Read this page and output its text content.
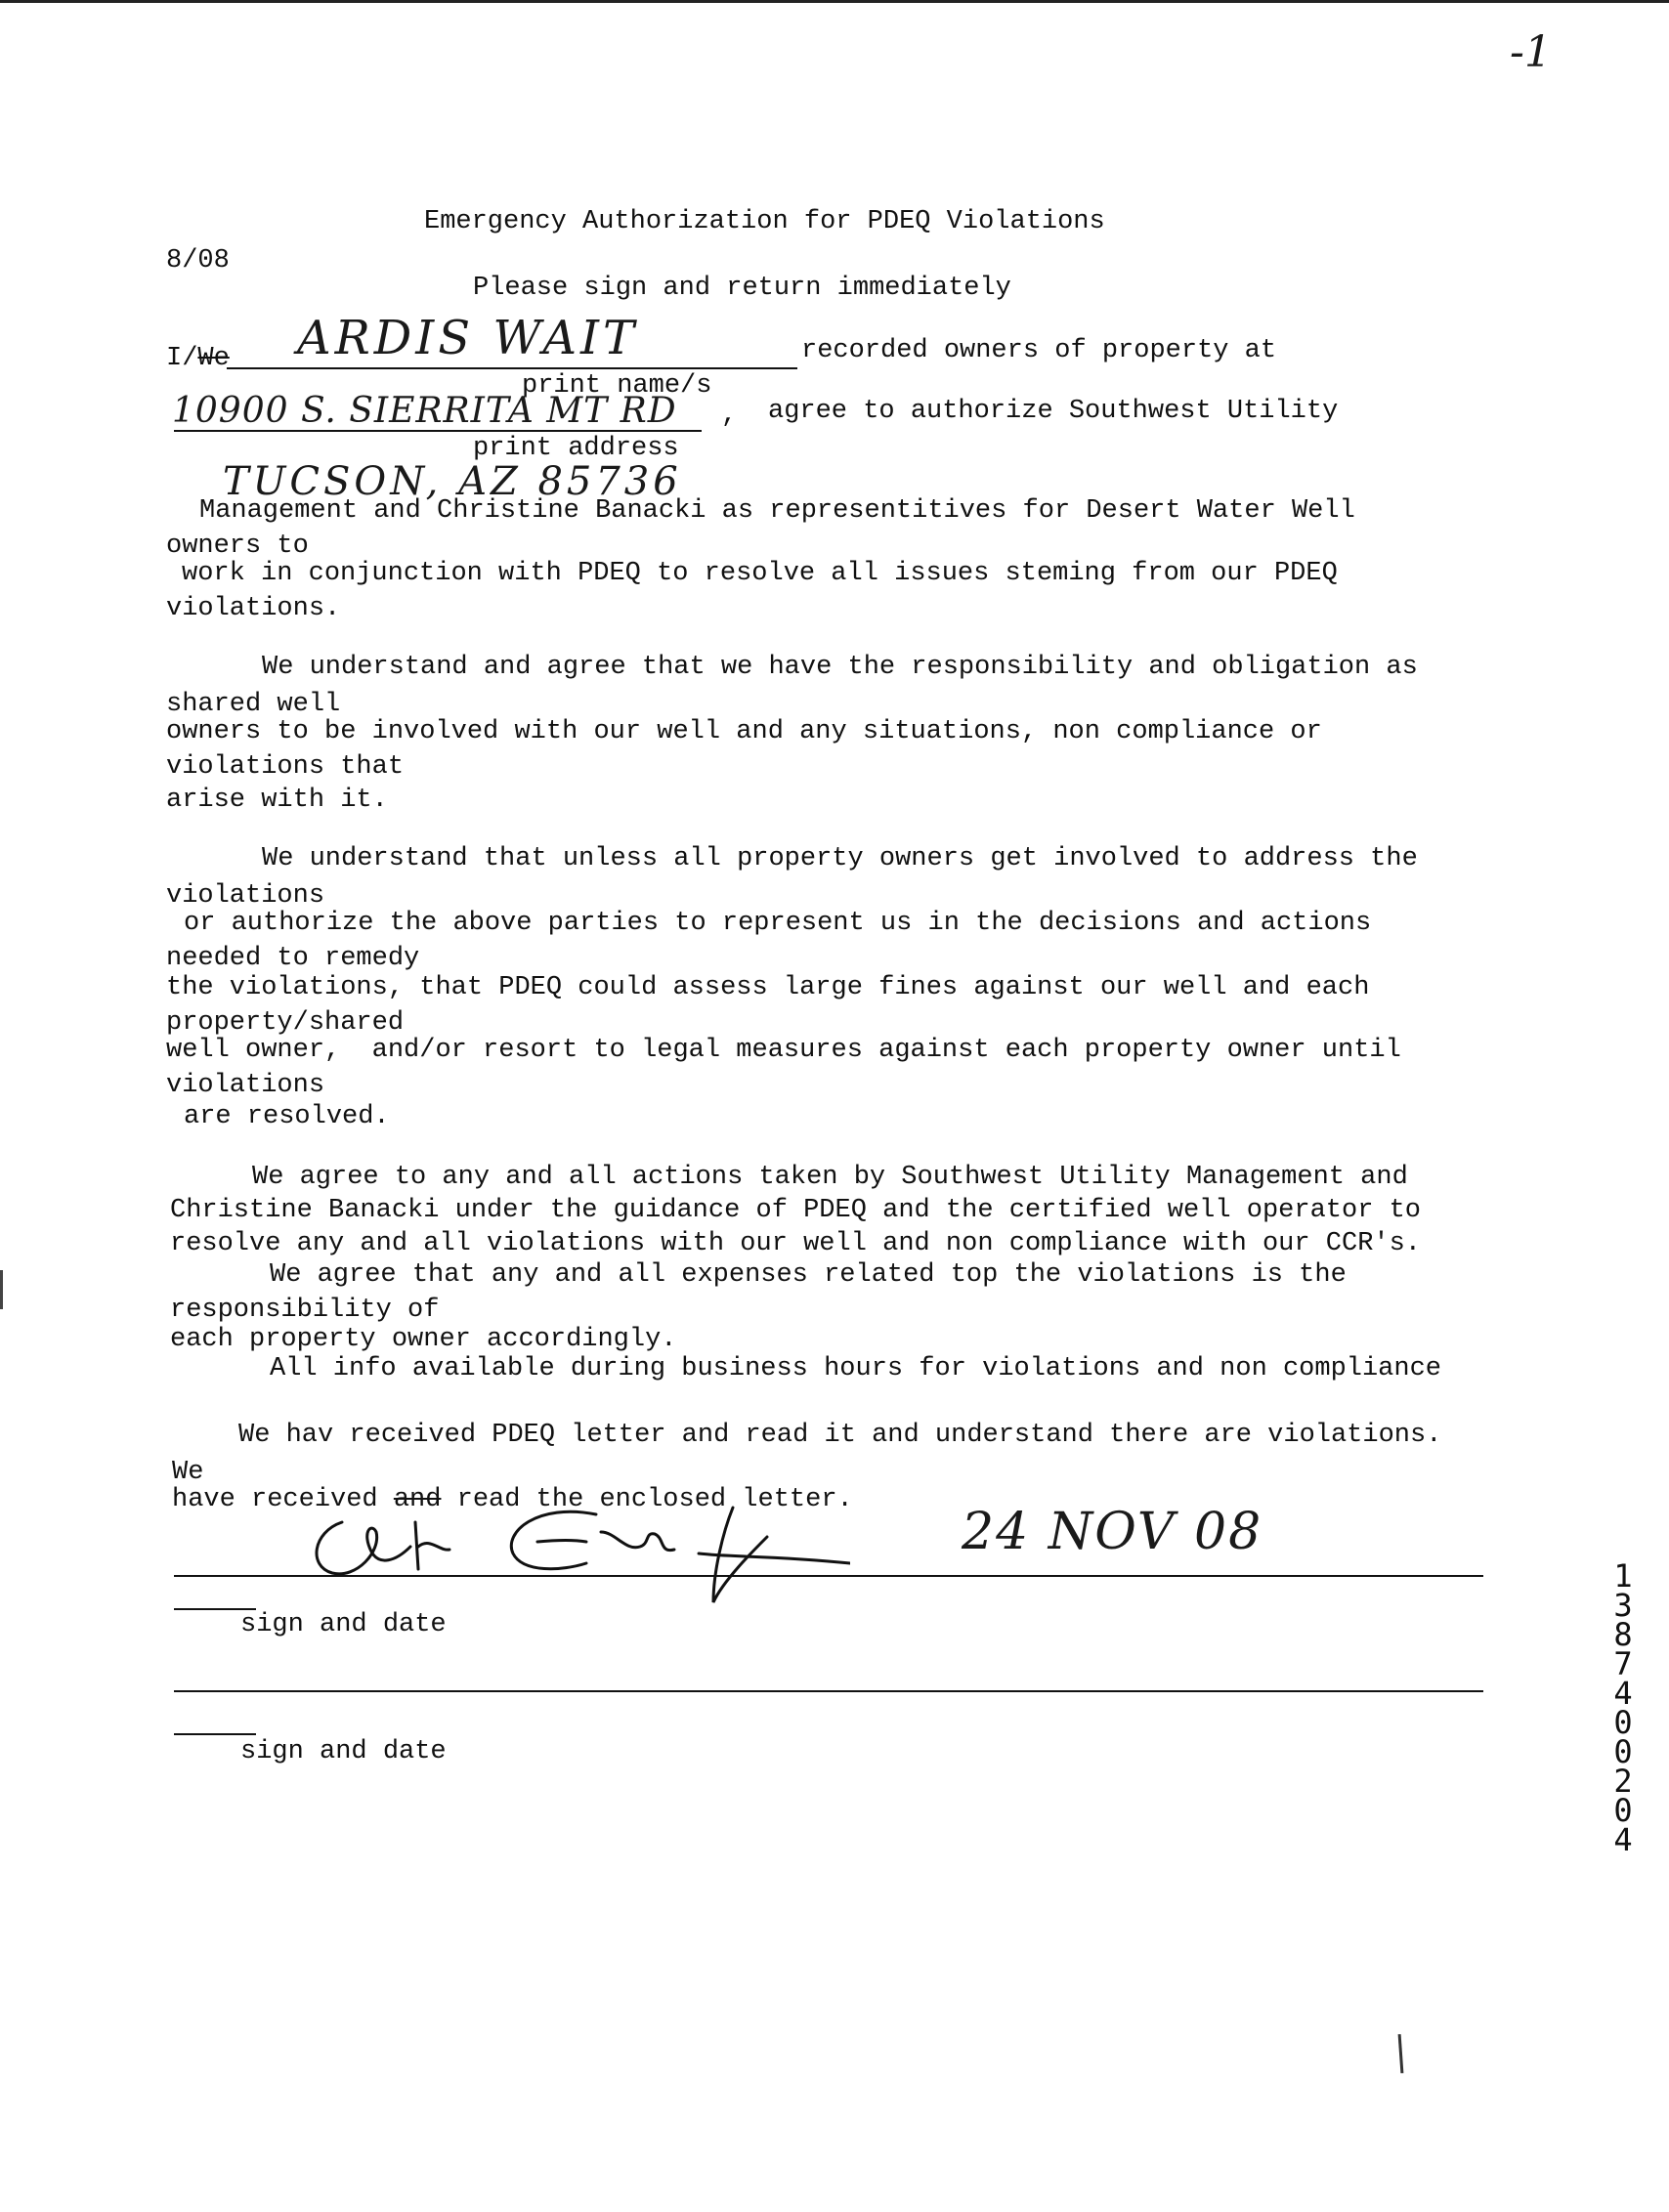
-1
Emergency Authorization for PDEQ Violations
8/08
Please sign and return immediately
I/We ARDIS WAIT	recorded owners of property at
print name/s
10900 S. SIERRITA MT RD , agree to authorize Southwest Utility
print address
TUCSON, AZ 85736
Management and Christine Banacki as representitives for Desert Water Well
owners to
work in conjunction with PDEQ to resolve all issues steming from our PDEQ
violations.
We understand and agree that we have the responsibility and obligation as
shared well
owners to be involved with our well and any situations, non compliance or
violations that
arise with it.
We understand that unless all property owners get involved to address the
violations
or authorize the above parties to represent us in the decisions and actions
needed to remedy
the violations, that PDEQ could assess large fines against our well and each
property/shared
well owner,  and/or resort to legal measures against each property owner until
violations
are resolved.
We agree to any and all actions taken by Southwest Utility Management and
Christine Banacki under the guidance of PDEQ and the certified well operator to
resolve any and all violations with our well and non compliance with our CCR's.
We agree that any and all expenses related top the violations is the
responsibility of
each property owner accordingly.
All info available during business hours for violations and non compliance
We hav received PDEQ letter and read it and understand there are violations.
We
have received and read the enclosed letter.
24 NOV 08
sign and date
sign and date
13874
00204
